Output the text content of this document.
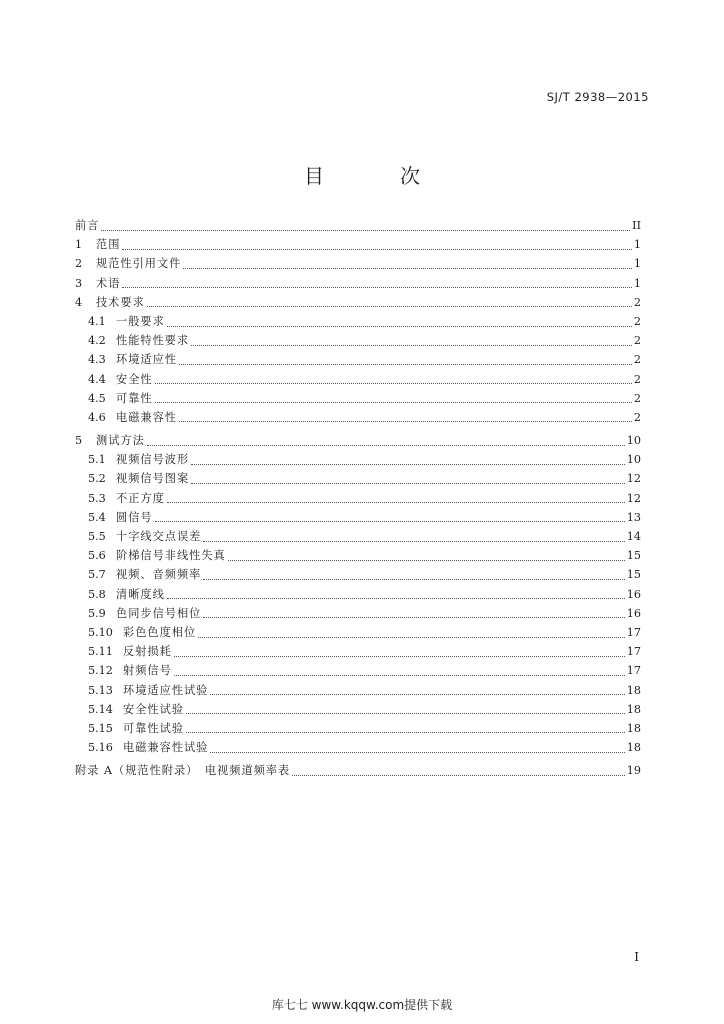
SJ/T 2938—2015
目　次
前言	II
1	范围	1
2	规范性引用文件	1
3	术语	1
4	技术要求	2
4.1 一般要求	2
4.2 性能特性要求	2
4.3 环境适应性	2
4.4 安全性	2
4.5 可靠性	2
4.6 电磁兼容性	2
5	测试方法	10
5.1 视频信号波形	10
5.2 视频信号图案	12
5.3 不正方度	12
5.4 圆信号	13
5.5 十字线交点误差	14
5.6 阶梯信号非线性失真	15
5.7 视频、音频频率	15
5.8 清晰度线	16
5.9 色同步信号相位	16
5.10 彩色色度相位	17
5.11 反射损耗	17
5.12 射频信号	17
5.13 环境适应性试验	18
5.14 安全性试验	18
5.15 可靠性试验	18
5.16 电磁兼容性试验	18
附录 A（规范性附录）　电视频道频率表	19
I
库七七 www.kqqw.com提供下载
